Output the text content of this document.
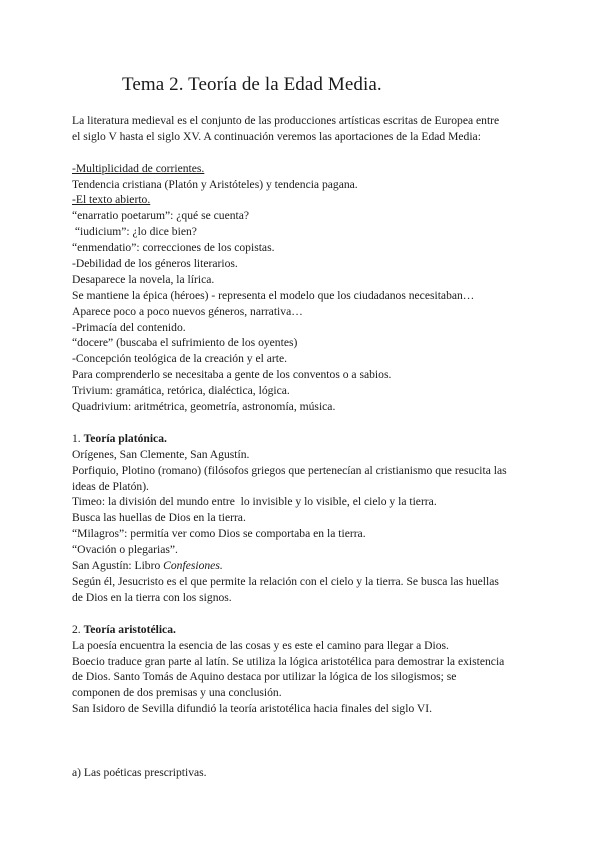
Tema 2. Teoría de la Edad Media.
La literatura medieval es el conjunto de las producciones artísticas escritas de Europea entre
el siglo V hasta el siglo XV. A continuación veremos las aportaciones de la Edad Media:
-Multiplicidad de corrientes.
Tendencia cristiana (Platón y Aristóteles) y tendencia pagana.
-El texto abierto.
“enarratio poetarum”: ¿qué se cuenta?
“iudicium”: ¿lo dice bien?
“enmendatio”: correcciones de los copistas.
-Debilidad de los géneros literarios.
Desaparece la novela, la lírica.
Se mantiene la épica (héroes) - representa el modelo que los ciudadanos necesitaban…
Aparece poco a poco nuevos géneros, narrativa…
-Primacía del contenido.
“docere” (buscaba el sufrimiento de los oyentes)
-Concepción teológica de la creación y el arte.
Para comprenderlo se necesitaba a gente de los conventos o a sabios.
Trivium: gramática, retórica, dialéctica, lógica.
Quadrivium: aritmétrica, geometría, astronomía, música.
1. Teoría platónica.
Orígenes, San Clemente, San Agustín.
Porfiquio, Plotino (romano) (filósofos griegos que pertenecían al cristianismo que resucita las
ideas de Platón).
Timeo: la división del mundo entre  lo invisible y lo visible, el cielo y la tierra.
Busca las huellas de Dios en la tierra.
“Milagros”: permitía ver como Dios se comportaba en la tierra.
“Ovación o plegarias”.
San Agustín: Libro Confesiones.
Según él, Jesucristo es el que permite la relación con el cielo y la tierra. Se busca las huellas
de Dios en la tierra con los signos.
2. Teoría aristotélica.
La poesía encuentra la esencia de las cosas y es este el camino para llegar a Dios.
Boecio traduce gran parte al latín. Se utiliza la lógica aristotélica para demostrar la existencia
de Dios. Santo Tomás de Aquino destaca por utilizar la lógica de los silogismos; se
componen de dos premisas y una conclusión.
San Isidoro de Sevilla difundió la teoría aristotélica hacia finales del siglo VI.
a) Las poéticas prescriptivas.
